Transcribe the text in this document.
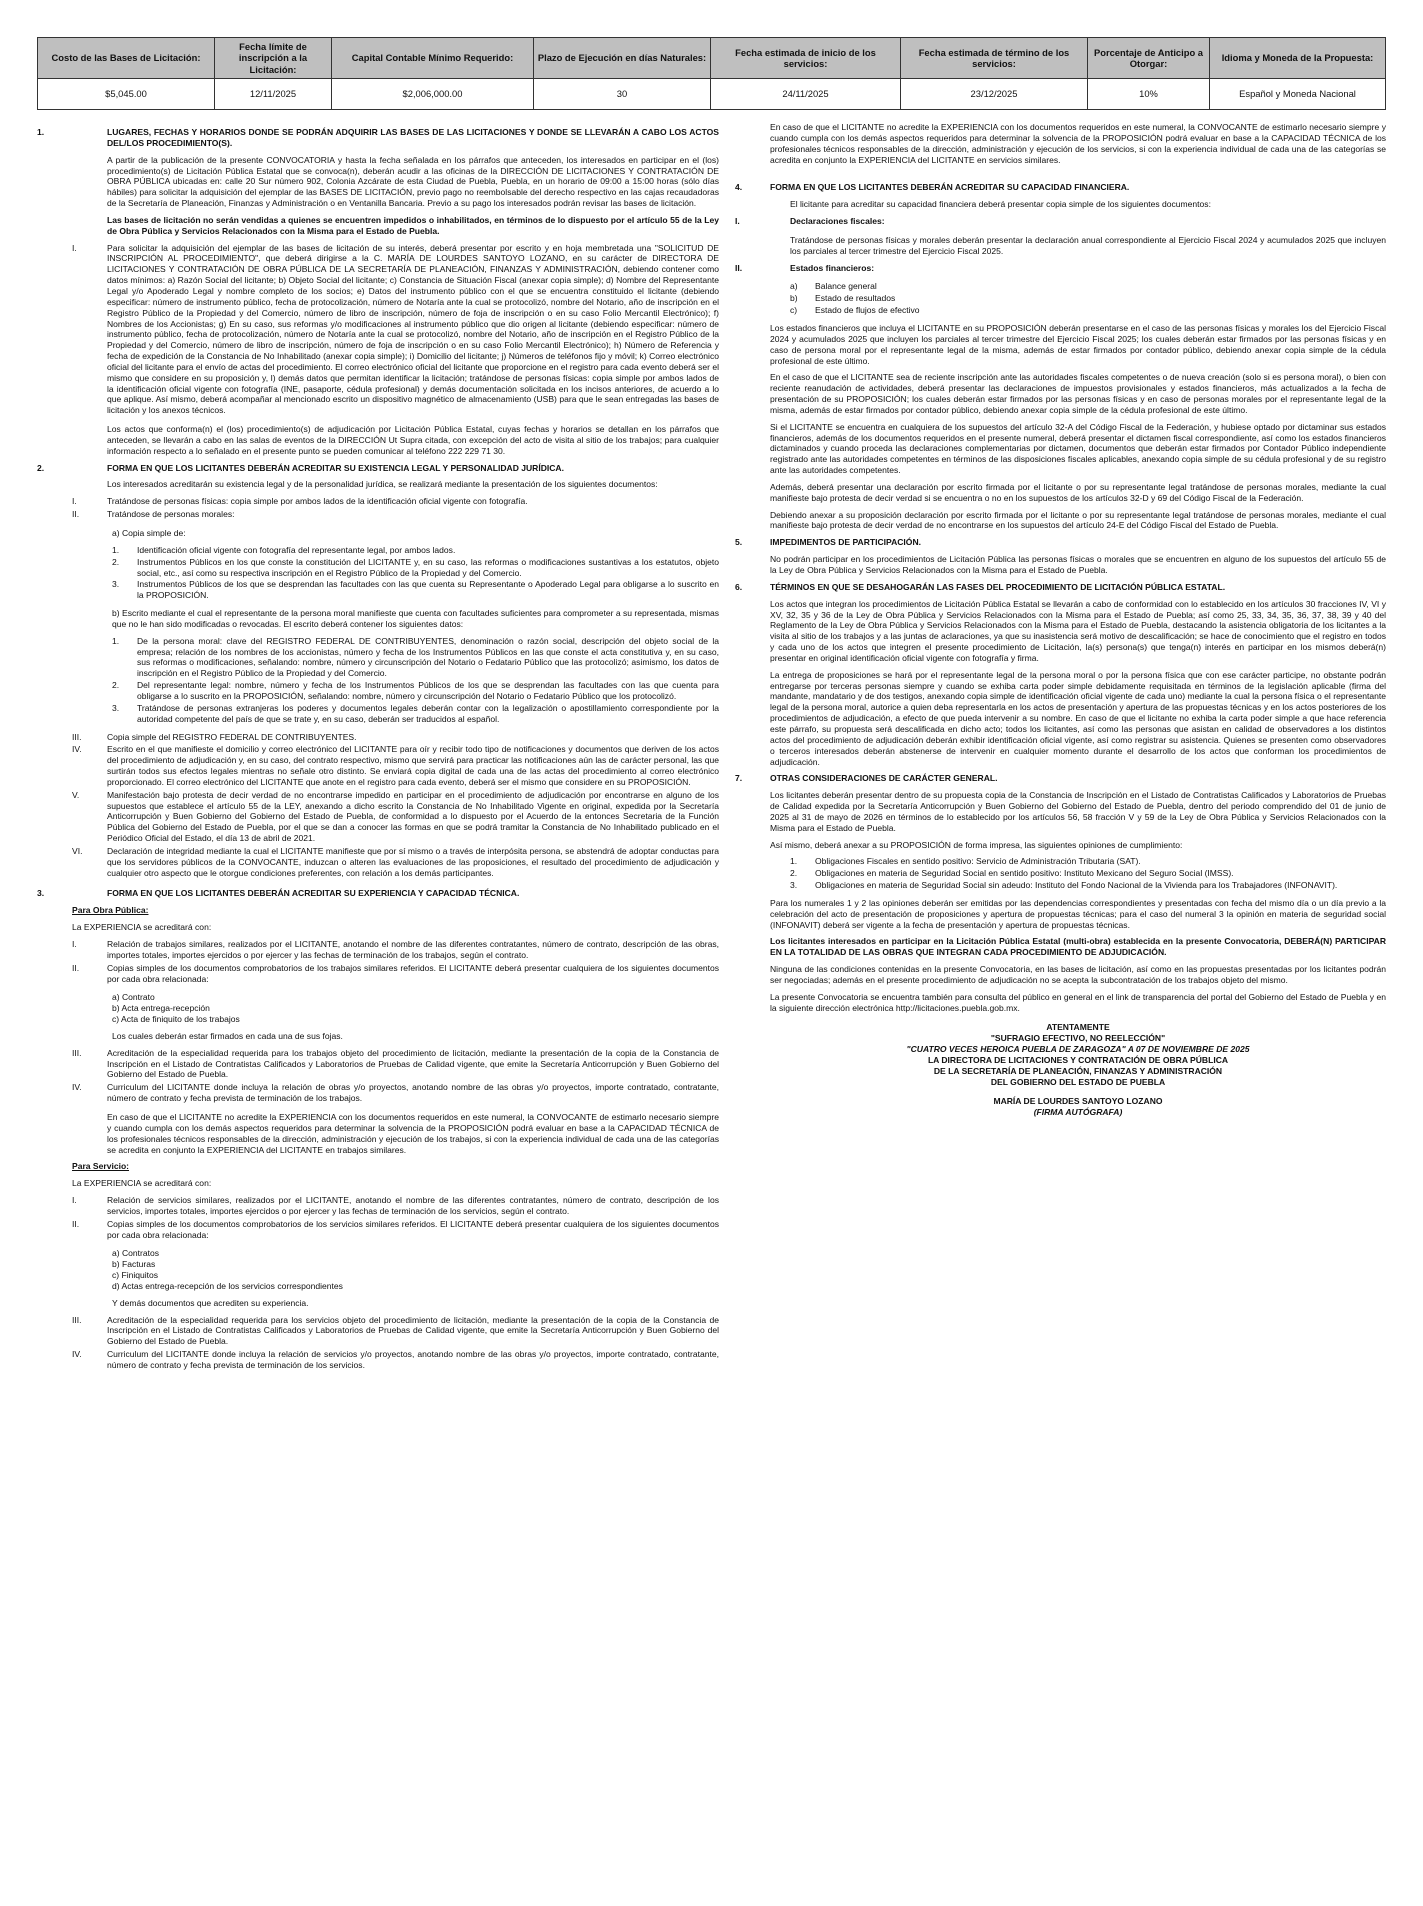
Costo de las Bases de Licitación:	Fecha límite de inscripción a la Licitación:	Capital Contable Mínimo Requerido:	Plazo de Ejecución en días Naturales:	Fecha estimada de inicio de los servicios:	Fecha estimada de término de los servicios:	Porcentaje de Anticipo a Otorgar:	Idioma y Moneda de la Propuesta:
$5,045.00	12/11/2025	$2,006,000.00	30	24/11/2025	23/12/2025	10%	Español y Moneda Nacional
1.	LUGARES, FECHAS Y HORARIOS DONDE SE PODRÁN ADQUIRIR LAS BASES DE LAS LICITACIONES Y DONDE SE LLEVARÁN A CABO LOS ACTOS DEL/LOS PROCEDIMIENTO(S).

A partir de la publicación de la presente CONVOCATORIA y hasta la fecha señalada en los párrafos que anteceden, los interesados en participar en el (los) procedimiento(s) de Licitación Pública Estatal que se convoca(n), deberán acudir a las oficinas de la DIRECCIÓN DE LICITACIONES Y CONTRATACIÓN DE OBRA PÚBLICA ubicadas en: calle 20 Sur número 902, Colonia Azcárate de esta Ciudad de Puebla, Puebla, en un horario de 09:00 a 15:00 horas (sólo días hábiles) para solicitar la adquisición del ejemplar de las BASES DE LICITACIÓN, previo pago no reembolsable del derecho respectivo en las cajas recaudadoras de la Secretaría de Planeación, Finanzas y Administración o en Ventanilla Bancaria. Previo a su pago los interesados podrán revisar las bases de licitación.

Las bases de licitación no serán vendidas a quienes se encuentren impedidos o inhabilitados, en términos de lo dispuesto por el artículo 55 de la Ley de Obra Pública y Servicios Relacionados con la Misma para el Estado de Puebla.

I.	Para solicitar la adquisición del ejemplar de las bases de licitación de su interés, deberá presentar por escrito y en hoja membretada una "SOLICITUD DE INSCRIPCIÓN AL PROCEDIMIENTO", que deberá dirigirse a la C. MARÍA DE LOURDES SANTOYO LOZANO, en su carácter de DIRECTORA DE LICITACIONES Y CONTRATACIÓN DE OBRA PÚBLICA DE LA SECRETARÍA DE PLANEACIÓN, FINANZAS Y ADMINISTRACIÓN, debiendo contener como datos mínimos: a) Razón Social del licitante; b) Objeto Social del licitante; c) Constancia de Situación Fiscal (anexar copia simple); d) Nombre del Representante Legal y/o Apoderado Legal y nombre completo de los socios; e) Datos del instrumento público con el que se encuentra constituido el licitante (debiendo especificar: número de instrumento público, fecha de protocolización, número de Notaría ante la cual se protocolizó, nombre del Notario, año de inscripción en el Registro Público de la Propiedad y del Comercio, número de libro de inscripción, número de foja de inscripción o en su caso Folio Mercantil Electrónico); f) Nombres de los Accionistas; g) En su caso, sus reformas y/o modificaciones al instrumento público que dio origen al licitante (debiendo especificar: número de instrumento público, fecha de protocolización, número de Notaría ante la cual se protocolizó, nombre del Notario, año de inscripción en el Registro Público de la Propiedad y del Comercio, número de libro de inscripción, número de foja de inscripción o en su caso Folio Mercantil Electrónico); h) Número de Referencia y fecha de expedición de la Constancia de No Inhabilitado (anexar copia simple); i) Domicilio del licitante; j) Números de teléfonos fijo y móvil; k) Correo electrónico oficial del licitante para el envío de actas del procedimiento. El correo electrónico oficial del licitante que proporcione en el registro para cada evento deberá ser el mismo que considere en su proposición y, l) demás datos que permitan identificar la licitación; tratándose de personas físicas: copia simple por ambos lados de la identificación oficial vigente con fotografía (INE, pasaporte, cédula profesional) y demás documentación solicitada en los incisos anteriores, de acuerdo a lo que aplique. Así mismo, deberá acompañar al mencionado escrito un dispositivo magnético de almacenamiento (USB) para que le sean entregadas las bases de licitación y los anexos técnicos.

Los actos que conforma(n) el (los) procedimiento(s) de adjudicación por Licitación Pública Estatal, cuyas fechas y horarios se detallan en los párrafos que anteceden, se llevarán a cabo en las salas de eventos de la DIRECCIÓN Ut Supra citada, con excepción del acto de visita al sitio de los trabajos; para cualquier información respecto a lo señalado en el presente punto se pueden comunicar al teléfono 222 229 71 30.

2.	FORMA EN QUE LOS LICITANTES DEBERÁN ACREDITAR SU EXISTENCIA LEGAL Y PERSONALIDAD JURÍDICA.

Los interesados acreditarán su existencia legal y de la personalidad jurídica, se realizará mediante la presentación de los siguientes documentos:

I.	Tratándose de personas físicas: copia simple por ambos lados de la identificación oficial vigente con fotografía.
II.	Tratándose de personas morales:

a) Copia simple de:

1.	Identificación oficial vigente con fotografía del representante legal, por ambos lados.
2.	Instrumentos Públicos en los que conste la constitución del LICITANTE y, en su caso, las reformas o modificaciones sustantivas a los estatutos, objeto social, etc., así como su respectiva inscripción en el Registro Público de la Propiedad y del Comercio.
3.	Instrumentos Públicos de los que se desprendan las facultades con las que cuenta su Representante o Apoderado Legal para obligarse a lo suscrito en la PROPOSICIÓN.

b) Escrito mediante el cual el representante de la persona moral manifieste que cuenta con facultades suficientes para comprometer a su representada, mismas que no le han sido modificadas o revocadas. El escrito deberá contener los siguientes datos:

1.	De la persona moral: clave del REGISTRO FEDERAL DE CONTRIBUYENTES, denominación o razón social, descripción del objeto social de la empresa; relación de los nombres de los accionistas, número y fecha de los Instrumentos Públicos en las que conste el acta constitutiva y, en su caso, sus reformas o modificaciones, señalando: nombre, número y circunscripción del Notario o Fedatario Público que las protocolizó; asimismo, los datos de inscripción en el Registro Público de la Propiedad y del Comercio.
2.	Del representante legal: nombre, número y fecha de los Instrumentos Públicos de los que se desprendan las facultades con las que cuenta para obligarse a lo suscrito en la PROPOSICIÓN, señalando: nombre, número y circunscripción del Notario o Fedatario Público que los protocolizó.
3.	Tratándose de personas extranjeras los poderes y documentos legales deberán contar con la legalización o apostillamiento correspondiente por la autoridad competente del país de que se trate y, en su caso, deberán ser traducidos al español.
III.	Copia simple del REGISTRO FEDERAL DE CONTRIBUYENTES.
IV.	Escrito en el que manifieste el domicilio y correo electrónico del LICITANTE para oír y recibir todo tipo de notificaciones y documentos que deriven de los actos del procedimiento de adjudicación y, en su caso, del contrato respectivo, mismo que servirá para practicar las notificaciones aún las de carácter personal, las que surtirán todos sus efectos legales mientras no señale otro distinto. Se enviará copia digital de cada una de las actas del procedimiento al correo electrónico proporcionado. El correo electrónico del LICITANTE que anote en el registro para cada evento, deberá ser el mismo que considere en su PROPOSICIÓN.
V.	Manifestación bajo protesta de decir verdad de no encontrarse impedido en participar en el procedimiento de adjudicación por encontrarse en alguno de los supuestos que establece el artículo 55 de la LEY, anexando a dicho escrito la Constancia de No Inhabilitado Vigente en original, expedida por la Secretaría Anticorrupción y Buen Gobierno del Gobierno del Estado de Puebla, de conformidad a lo dispuesto por el Acuerdo de la entonces Secretaria de la Función Pública del Gobierno del Estado de Puebla, por el que se dan a conocer las formas en que se podrá tramitar la Constancia de No Inhabilitado publicado en el Periódico Oficial del Estado, el día 13 de abril de 2021.
VI.	Declaración de integridad mediante la cual el LICITANTE manifieste que por sí mismo o a través de interpósita persona, se abstendrá de adoptar conductas para que los servidores públicos de la CONVOCANTE, induzcan o alteren las evaluaciones de las proposiciones, el resultado del procedimiento de adjudicación y cualquier otro aspecto que le otorgue condiciones preferentes, con relación a los demás participantes.
3.	FORMA EN QUE LOS LICITANTES DEBERÁN ACREDITAR SU EXPERIENCIA Y CAPACIDAD TÉCNICA.

Para Obra Pública:

La EXPERIENCIA se acreditará con:

I.	Relación de trabajos similares, realizados por el LICITANTE, anotando el nombre de las diferentes contratantes, número de contrato, descripción de las obras, importes totales, importes ejercidos o por ejercer y las fechas de terminación de los trabajos, según el contrato.
II.	Copias simples de los documentos comprobatorios de los trabajos similares referidos. El LICITANTE deberá presentar cualquiera de los siguientes documentos por cada obra relacionada:

a) Contrato

b) Acta entrega-recepción

c) Acta de finiquito de los trabajos

Los cuales deberán estar firmados en cada una de sus fojas.

III.	Acreditación de la especialidad requerida para los trabajos objeto del procedimiento de licitación, mediante la presentación de la copia de la Constancia de Inscripción en el Listado de Contratistas Calificados y Laboratorios de Pruebas de Calidad vigente, que emite la Secretaría Anticorrupción y Buen Gobierno del Gobierno del Estado de Puebla.
IV.	Curriculum del LICITANTE donde incluya la relación de obras y/o proyectos, anotando nombre de las obras y/o proyectos, importe contratado, contratante, número de contrato y fecha prevista de terminación de los trabajos.

En caso de que el LICITANTE no acredite la EXPERIENCIA con los documentos requeridos en este numeral, la CONVOCANTE de estimarlo necesario siempre y cuando cumpla con los demás aspectos requeridos para determinar la solvencia de la PROPOSICIÓN podrá evaluar en base a la CAPACIDAD TÉCNICA de los profesionales técnicos responsables de la dirección, administración y ejecución de los trabajos, si con la experiencia individual de cada una de las categorías se acredita en conjunto la EXPERIENCIA del LICITANTE en trabajos similares.

Para Servicio:

La EXPERIENCIA se acreditará con:

I.	Relación de servicios similares, realizados por el LICITANTE, anotando el nombre de las diferentes contratantes, número de contrato, descripción de los servicios, importes totales, importes ejercidos o por ejercer y las fechas de terminación de los servicios, según el contrato.
II.	Copias simples de los documentos comprobatorios de los servicios similares referidos. El LICITANTE deberá presentar cualquiera de los siguientes documentos por cada obra relacionada:

a) Contratos

b) Facturas

c) Finiquitos

d) Actas entrega-recepción de los servicios correspondientes

Y demás documentos que acrediten su experiencia.

III.	Acreditación de la especialidad requerida para los servicios objeto del procedimiento de licitación, mediante la presentación de la copia de la Constancia de Inscripción en el Listado de Contratistas Calificados y Laboratorios de Pruebas de Calidad vigente, que emite la Secretaría Anticorrupción y Buen Gobierno del Gobierno del Estado de Puebla.
IV.	Curriculum del LICITANTE donde incluya la relación de servicios y/o proyectos, anotando nombre de las obras y/o proyectos, importe contratado, contratante, número de contrato y fecha prevista de terminación de los servicios.

En caso de que el LICITANTE no acredite la EXPERIENCIA con los documentos requeridos en este numeral, la CONVOCANTE de estimarlo necesario siempre y cuando cumpla con los demás aspectos requeridos para determinar la solvencia de la PROPOSICIÓN podrá evaluar en base a la CAPACIDAD TÉCNICA de los profesionales técnicos responsables de la dirección, administración y ejecución de los servicios, si con la experiencia individual de cada una de las categorías se acredita en conjunto la EXPERIENCIA del LICITANTE en servicios similares.

4.	FORMA EN QUE LOS LICITANTES DEBERÁN ACREDITAR SU CAPACIDAD FINANCIERA.

El licitante para acreditar su capacidad financiera deberá presentar copia simple de los siguientes documentos:

I.	Declaraciones fiscales:

Tratándose de personas físicas y morales deberán presentar la declaración anual correspondiente al Ejercicio Fiscal 2024 y acumulados 2025 que incluyen los parciales al tercer trimestre del Ejercicio Fiscal 2025.

II.	Estados financieros:
a)	Balance general
b)	Estado de resultados
c)	Estado de flujos de efectivo

Los estados financieros que incluya el LICITANTE en su PROPOSICIÓN deberán presentarse en el caso de las personas físicas y morales los del Ejercicio Fiscal 2024 y acumulados 2025 que incluyen los parciales al tercer trimestre del Ejercicio Fiscal 2025; los cuales deberán estar firmados por las personas físicas y en caso de persona moral por el representante legal de la misma, además de estar firmados por contador público, debiendo anexar copia simple de la cédula profesional de este último.

En el caso de que el LICITANTE sea de reciente inscripción ante las autoridades fiscales competentes o de nueva creación (solo si es persona moral), o bien con reciente reanudación de actividades, deberá presentar las declaraciones de impuestos provisionales y estados financieros, más actualizados a la fecha de presentación de su PROPOSICIÓN; los cuales deberán estar firmados por las personas físicas y en caso de personas morales por el representante legal de la misma, además de estar firmados por contador público, debiendo anexar copia simple de la cédula profesional de este último.

Si el LICITANTE se encuentra en cualquiera de los supuestos del artículo 32-A del Código Fiscal de la Federación, y hubiese optado por dictaminar sus estados financieros, además de los documentos requeridos en el presente numeral, deberá presentar el dictamen fiscal correspondiente, así como los estados financieros dictaminados y cuando proceda las declaraciones complementarias por dictamen, documentos que deberán estar firmados por Contador Público independiente registrado ante las autoridades competentes en términos de las disposiciones fiscales aplicables, anexando copia simple de su cédula profesional y de su registro ante las autoridades competentes.

Además, deberá presentar una declaración por escrito firmada por el licitante o por su representante legal tratándose de personas morales, mediante la cual manifieste bajo protesta de decir verdad si se encuentra o no en los supuestos de los artículos 32-D y 69 del Código Fiscal de la Federación.

Debiendo anexar a su proposición declaración por escrito firmada por el licitante o por su representante legal tratándose de personas morales, mediante el cual manifieste bajo protesta de decir verdad de no encontrarse en los supuestos del artículo 24-E del Código Fiscal del Estado de Puebla.

5.	IMPEDIMENTOS DE PARTICIPACIÓN.

No podrán participar en los procedimientos de Licitación Pública las personas físicas o morales que se encuentren en alguno de los supuestos del artículo 55 de la Ley de Obra Pública y Servicios Relacionados con la Misma para el Estado de Puebla.

6.	TÉRMINOS EN QUE SE DESAHOGARÁN LAS FASES DEL PROCEDIMIENTO DE LICITACIÓN PÚBLICA ESTATAL.

Los actos que integran los procedimientos de Licitación Pública Estatal se llevarán a cabo de conformidad con lo establecido en los artículos 30 fracciones IV, VI y XV, 32, 35 y 36 de la Ley de Obra Pública y Servicios Relacionados con la Misma para el Estado de Puebla; así como 25, 33, 34, 35, 36, 37, 38, 39 y 40 del Reglamento de la Ley de Obra Pública y Servicios Relacionados con la Misma para el Estado de Puebla, destacando la asistencia obligatoria de los licitantes a la visita al sitio de los trabajos y a las juntas de aclaraciones, ya que su inasistencia será motivo de descalificación; se hace de conocimiento que el registro en todos y cada uno de los actos que integren el presente procedimiento de Licitación, la(s) persona(s) que tenga(n) interés en participar en los mismos deberá(n) presentar en original identificación oficial vigente con fotografía y firma.

La entrega de proposiciones se hará por el representante legal de la persona moral o por la persona física que con ese carácter participe, no obstante podrán entregarse por terceras personas siempre y cuando se exhiba carta poder simple debidamente requisitada en términos de la legislación aplicable (firma del mandante, mandatario y de dos testigos, anexando copia simple de identificación oficial vigente de cada uno) mediante la cual la persona física o el representante legal de la persona moral, autorice a quien deba representarla en los actos de presentación y apertura de las propuestas técnicas y en los actos posteriores de los procedimientos de adjudicación, a efecto de que pueda intervenir a su nombre. En caso de que el licitante no exhiba la carta poder simple a que hace referencia este párrafo, su propuesta será descalificada en dicho acto; todos los licitantes, así como las personas que asistan en calidad de observadores a los distintos actos del procedimiento de adjudicación deberán exhibir identificación oficial vigente, así como registrar su asistencia. Quienes se presenten como observadores o terceros interesados deberán abstenerse de intervenir en cualquier momento durante el desarrollo de los actos que conforman los procedimientos de adjudicación.

7.	OTRAS CONSIDERACIONES DE CARÁCTER GENERAL.

Los licitantes deberán presentar dentro de su propuesta copia de la Constancia de Inscripción en el Listado de Contratistas Calificados y Laboratorios de Pruebas de Calidad expedida por la Secretaría Anticorrupción y Buen Gobierno del Gobierno del Estado de Puebla, dentro del periodo comprendido del 01 de junio de 2025 al 31 de mayo de 2026 en términos de lo establecido por los artículos 56, 58 fracción V y 59 de la Ley de Obra Pública y Servicios Relacionados con la Misma para el Estado de Puebla.

Así mismo, deberá anexar a su PROPOSICIÓN de forma impresa, las siguientes opiniones de cumplimiento:

1.	Obligaciones Fiscales en sentido positivo: Servicio de Administración Tributaria (SAT).
2.	Obligaciones en materia de Seguridad Social en sentido positivo: Instituto Mexicano del Seguro Social (IMSS).
3.	Obligaciones en materia de Seguridad Social sin adeudo: Instituto del Fondo Nacional de la Vivienda para los Trabajadores (INFONAVIT).

Para los numerales 1 y 2 las opiniones deberán ser emitidas por las dependencias correspondientes y presentadas con fecha del mismo día o un día previo a la celebración del acto de presentación de proposiciones y apertura de propuestas técnicas; para el caso del numeral 3 la opinión en materia de seguridad social (INFONAVIT) deberá ser vigente a la fecha de presentación y apertura de propuestas técnicas.

Los licitantes interesados en participar en la Licitación Pública Estatal (multi-obra) establecida en la presente Convocatoria, DEBERÁ(N) PARTICIPAR EN LA TOTALIDAD DE LAS OBRAS QUE INTEGRAN CADA PROCEDIMIENTO DE ADJUDICACIÓN.

Ninguna de las condiciones contenidas en la presente Convocatoria, en las bases de licitación, así como en las propuestas presentadas por los licitantes podrán ser negociadas; además en el presente procedimiento de adjudicación no se acepta la subcontratación de los trabajos objeto del mismo.

La presente Convocatoria se encuentra también para consulta del público en general en el link de transparencia del portal del Gobierno del Estado de Puebla y en la siguiente dirección electrónica http://licitaciones.puebla.gob.mx.

ATENTAMENTE
"SUFRAGIO EFECTIVO, NO REELECCIÓN"
"CUATRO VECES HEROICA PUEBLA DE ZARAGOZA" A 07 DE NOVIEMBRE DE 2025
LA DIRECTORA DE LICITACIONES Y CONTRATACIÓN DE OBRA PÚBLICA
DE LA SECRETARÍA DE PLANEACIÓN, FINANZAS Y ADMINISTRACIÓN
DEL GOBIERNO DEL ESTADO DE PUEBLA
MARÍA DE LOURDES SANTOYO LOZANO
(FIRMA AUTÓGRAFA)
